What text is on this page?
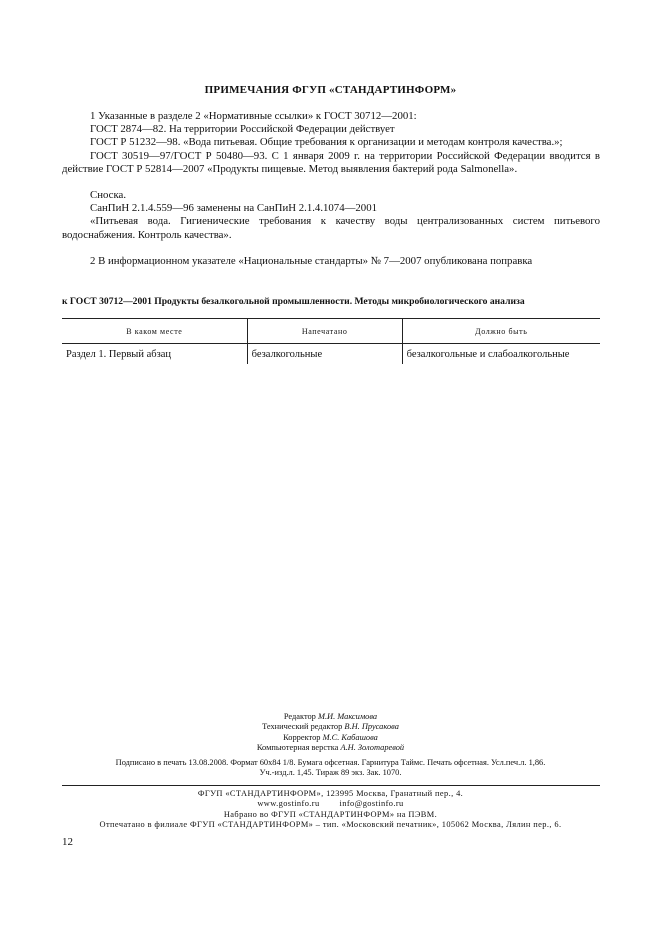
ПРИМЕЧАНИЯ ФГУП «СТАНДАРТИНФОРМ»

1 Указанные в разделе 2 «Нормативные ссылки» к ГОСТ 30712—2001:

ГОСТ 2874—82. На территории Российской Федерации действует

ГОСТ Р 51232—98. «Вода питьевая. Общие требования к организации и методам контроля качества.»;

ГОСТ 30519—97/ГОСТ Р 50480—93. С 1 января 2009 г. на территории Российской Федерации вводится в действие ГОСТ Р 52814—2007 «Продукты пищевые. Метод выявления бактерий рода Salmonella».

Сноска.

СанПиН 2.1.4.559—96 заменены на СанПиН 2.1.4.1074—2001

«Питьевая вода. Гигиенические требования к качеству воды централизованных систем питьевого водоснабжения. Контроль качества».

2 В информационном указателе «Национальные стандарты» № 7—2007 опубликована поправка

к ГОСТ 30712—2001 Продукты безалкогольной промышленности. Методы микробиологического анализа
В каком месте	Напечатано	Должно быть
Раздел 1. Первый абзац	безалкогольные	безалкогольные и слабоалкогольные
Редактор М.И. Максимова
Технический редактор В.Н. Прусакова
Корректор М.С. Кабашова
Компьютерная верстка А.Н. Золотаревой
Подписано в печать 13.08.2008. Формат 60х84 1/8. Бумага офсетная. Гарнитура Таймс. Печать офсетная. Усл.печ.л. 1,86.
Уч.-изд.л. 1,45. Тираж 89 экз. Зак. 1070.
ФГУП «СТАНДАРТИНФОРМ», 123995 Москва, Гранатный пер., 4.
www.gostinfo.ru info@gostinfo.ru
Набрано во ФГУП «СТАНДАРТИНФОРМ» на ПЭВМ.
Отпечатано в филиале ФГУП «СТАНДАРТИНФОРМ» – тип. «Московский печатник», 105062 Москва, Лялин пер., 6.
12
